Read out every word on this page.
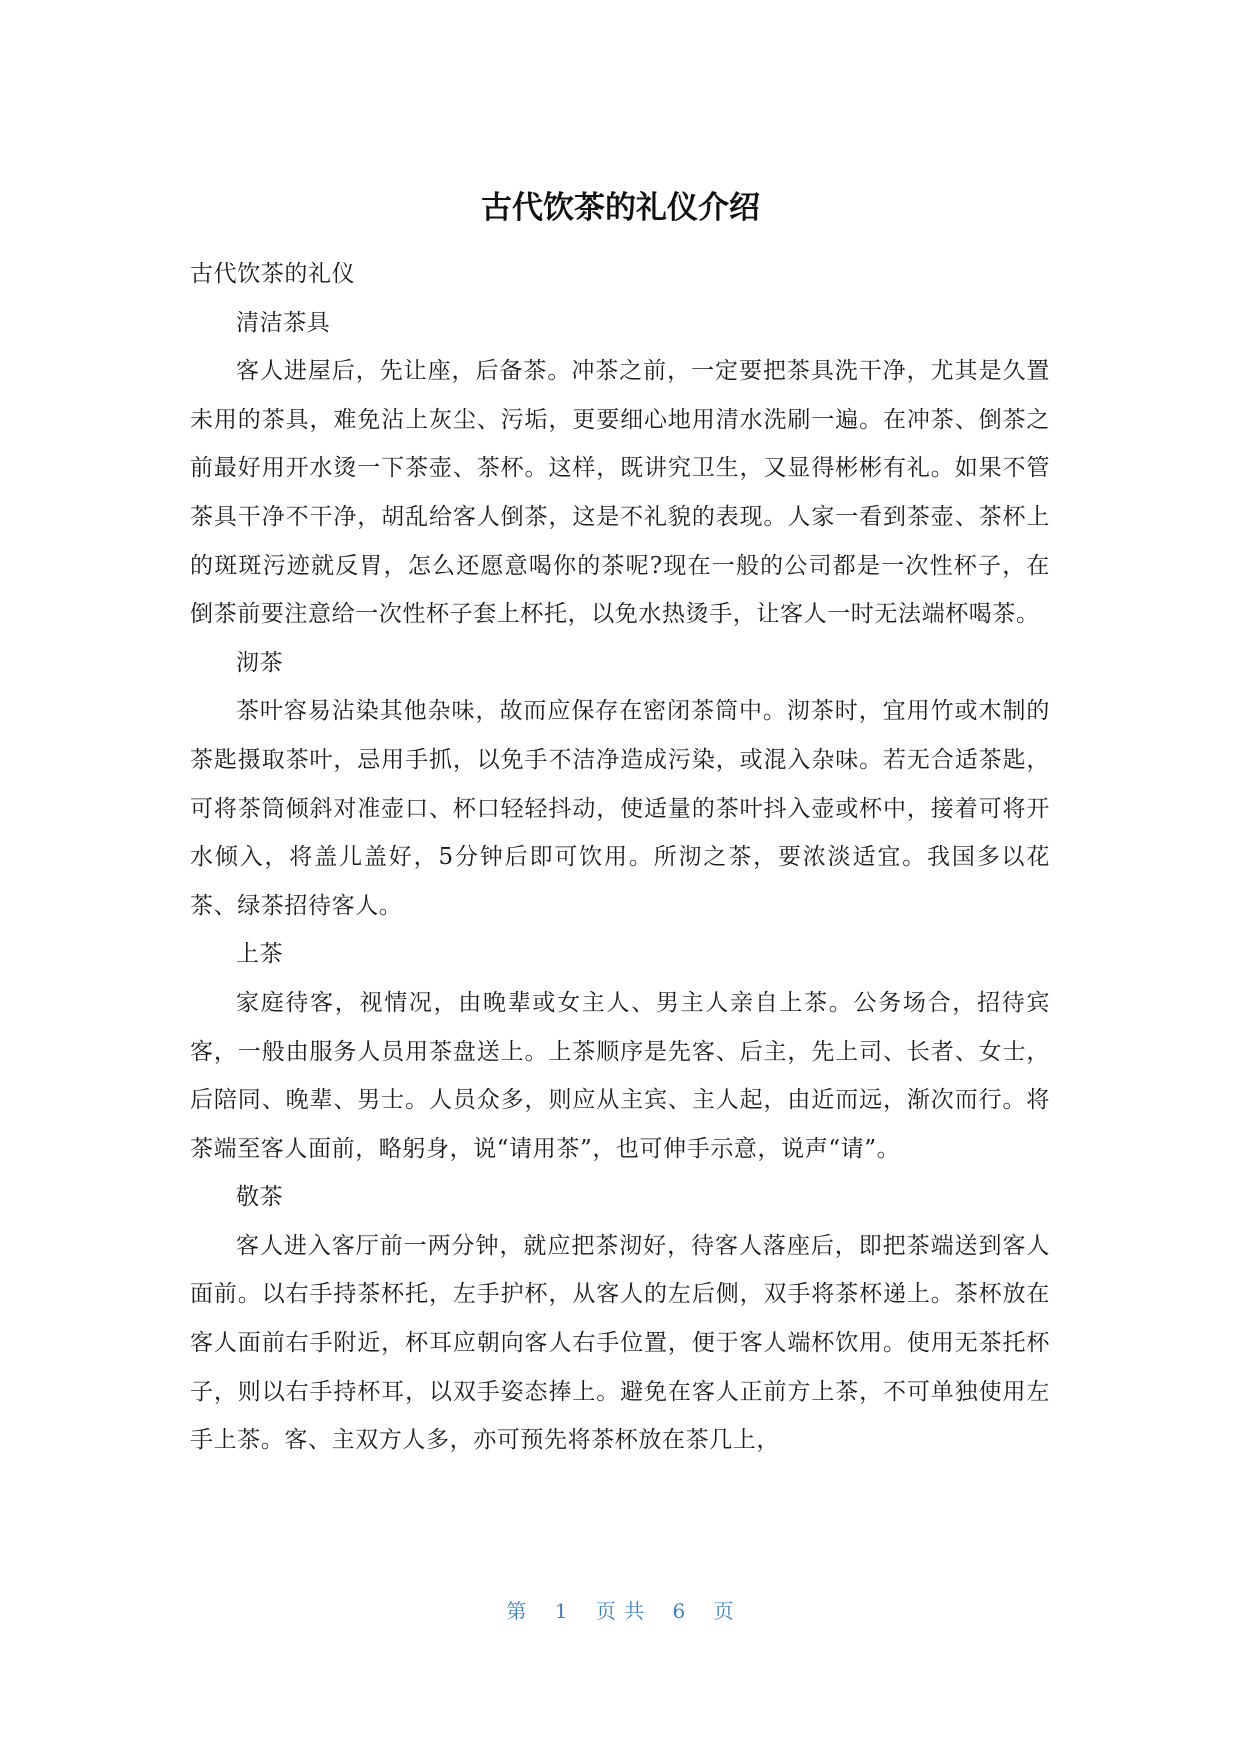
古代饮茶的礼仪介绍

古代饮茶的礼仪

清洁茶具

客人进屋后，先让座，后备茶。冲茶之前，一定要把茶具洗干净，尤其是久置未用的茶具，难免沾上灰尘、污垢，更要细心地用清水洗刷一遍。在冲茶、倒茶之前最好用开水烫一下茶壶、茶杯。这样，既讲究卫生，又显得彬彬有礼。如果不管茶具干净不干净，胡乱给客人倒茶，这是不礼貌的表现。人家一看到茶壶、茶杯上的斑斑污迹就反胃，怎么还愿意喝你的茶呢?现在一般的公司都是一次性杯子，在倒茶前要注意给一次性杯子套上杯托，以免水热烫手，让客人一时无法端杯喝茶。

沏茶

茶叶容易沾染其他杂味，故而应保存在密闭茶筒中。沏茶时，宜用竹或木制的茶匙摄取茶叶，忌用手抓，以免手不洁净造成污染，或混入杂味。若无合适茶匙，可将茶筒倾斜对准壶口、杯口轻轻抖动，使适量的茶叶抖入壶或杯中，接着可将开水倾入，将盖儿盖好，5分钟后即可饮用。所沏之茶，要浓淡适宜。我国多以花茶、绿茶招待客人。

上茶

家庭待客，视情况，由晚辈或女主人、男主人亲自上茶。公务场合，招待宾客，一般由服务人员用茶盘送上。上茶顺序是先客、后主，先上司、长者、女士，后陪同、晚辈、男士。人员众多，则应从主宾、主人起，由近而远，渐次而行。将茶端至客人面前，略躬身，说“请用茶”，也可伸手示意，说声“请”。

敬茶

客人进入客厅前一两分钟，就应把茶沏好，待客人落座后，即把茶端送到客人面前。以右手持茶杯托，左手护杯，从客人的左后侧，双手将茶杯递上。茶杯放在客人面前右手附近，杯耳应朝向客人右手位置，便于客人端杯饮用。使用无茶托杯子，则以右手持杯耳，以双手姿态捧上。避免在客人正前方上茶，不可单独使用左手上茶。客、主双方人多，亦可预先将茶杯放在茶几上，

第 1 页 共 6 页
